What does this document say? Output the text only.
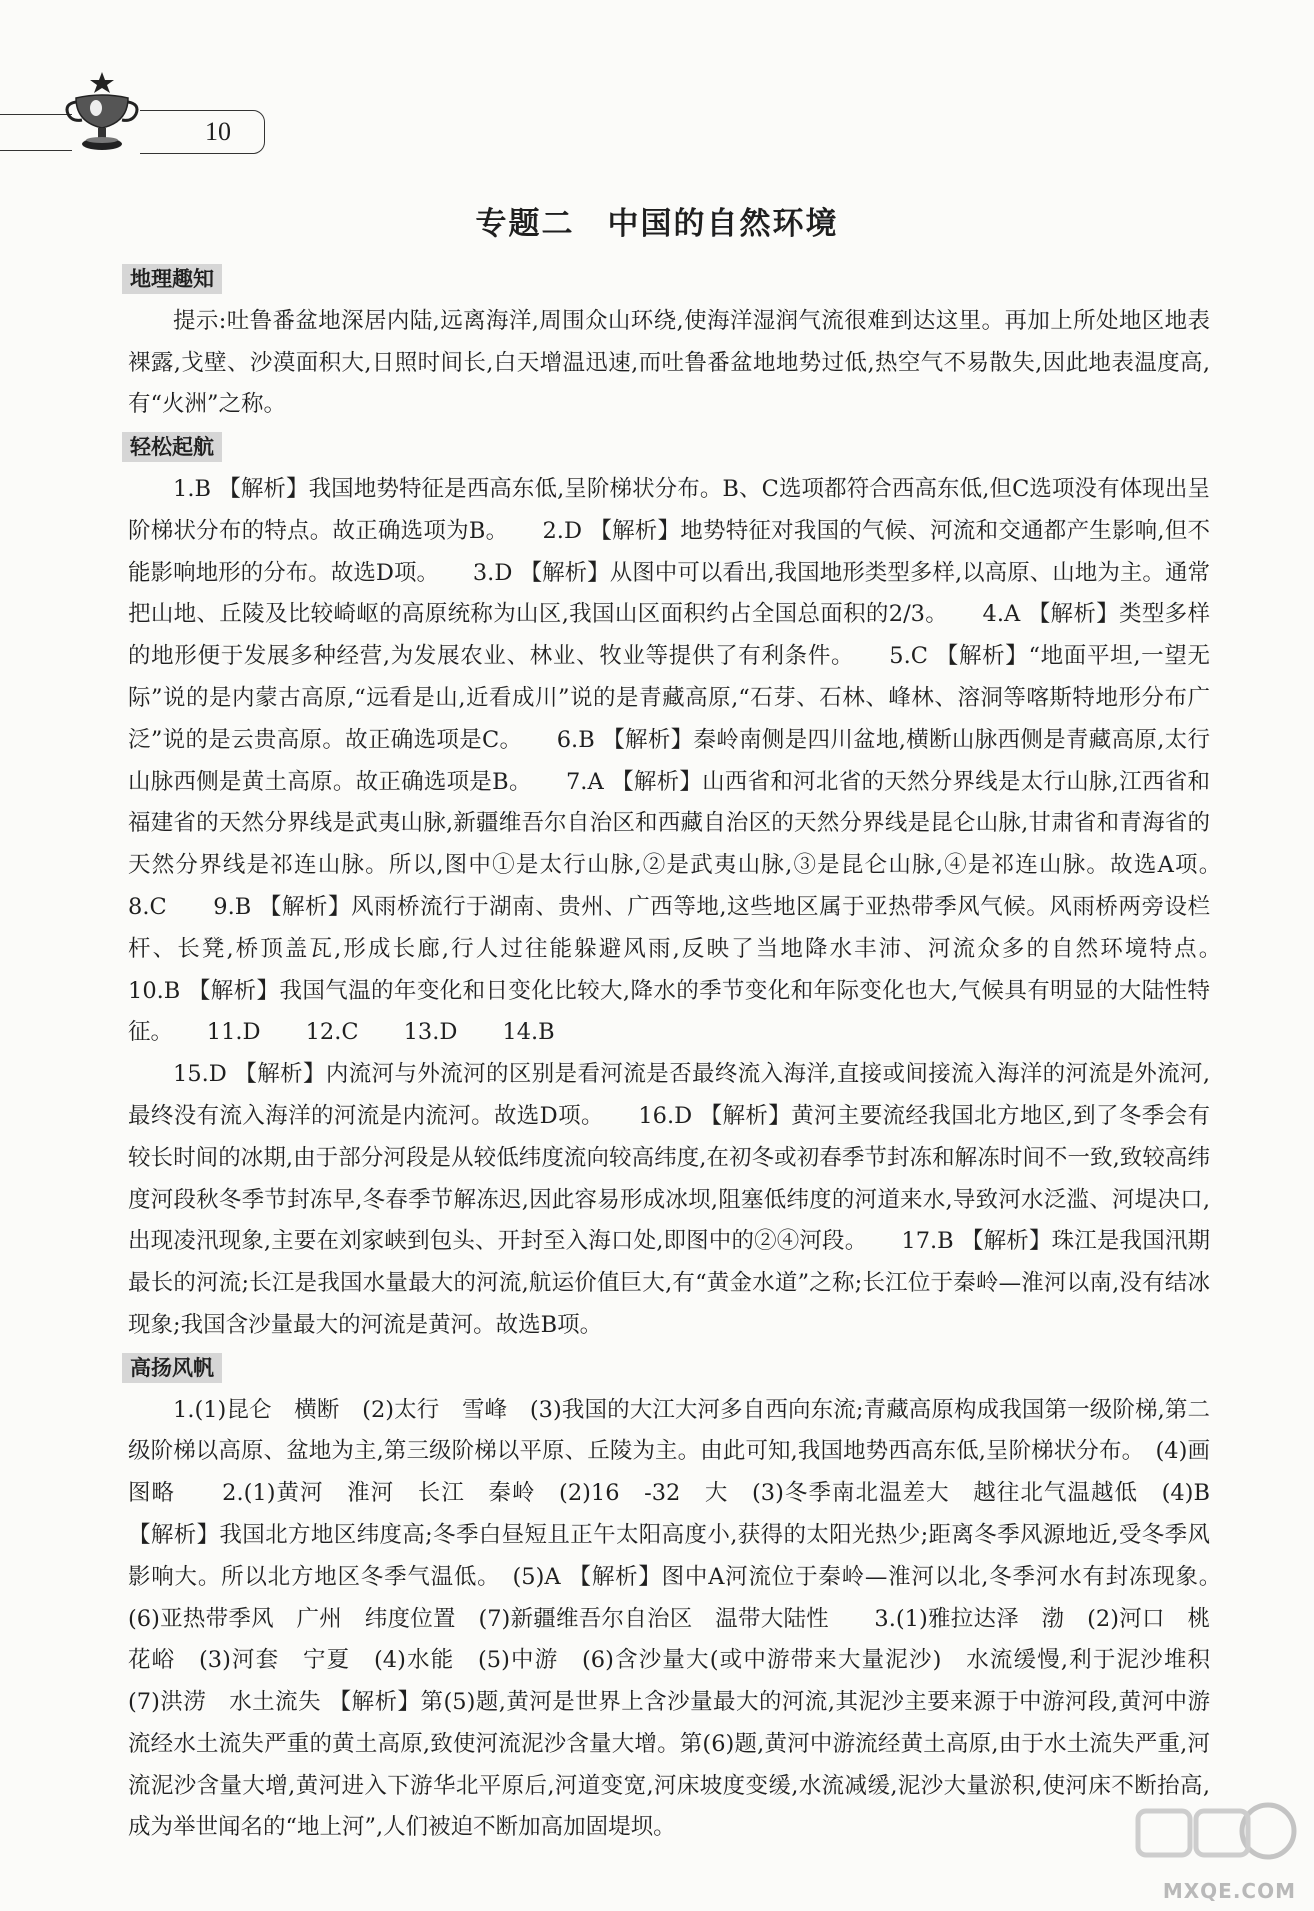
10
专题二　中国的自然环境
地理趣知

提示:吐鲁番盆地深居内陆,远离海洋,周围众山环绕,使海洋湿润气流很难到达这里。再加上所处地区地表裸露,戈壁、沙漠面积大,日照时间长,白天增温迅速,而吐鲁番盆地地势过低,热空气不易散失,因此地表温度高,有“火洲”之称。

轻松起航

1.B 【解析】我国地势特征是西高东低,呈阶梯状分布。B、C选项都符合西高东低,但C选项没有体现出呈阶梯状分布的特点。故正确选项为B。　　2.D 【解析】地势特征对我国的气候、河流和交通都产生影响,但不能影响地形的分布。故选D项。　　3.D 【解析】从图中可以看出,我国地形类型多样,以高原、山地为主。通常把山地、丘陵及比较崎岖的高原统称为山区,我国山区面积约占全国总面积的2/3。　　4.A 【解析】类型多样的地形便于发展多种经营,为发展农业、林业、牧业等提供了有利条件。　　5.C 【解析】“地面平坦,一望无际”说的是内蒙古高原,“远看是山,近看成川”说的是青藏高原,“石芽、石林、峰林、溶洞等喀斯特地形分布广泛”说的是云贵高原。故正确选项是C。　　6.B 【解析】秦岭南侧是四川盆地,横断山脉西侧是青藏高原,太行山脉西侧是黄土高原。故正确选项是B。　　7.A 【解析】山西省和河北省的天然分界线是太行山脉,江西省和福建省的天然分界线是武夷山脉,新疆维吾尔自治区和西藏自治区的天然分界线是昆仑山脉,甘肃省和青海省的天然分界线是祁连山脉。所以,图中①是太行山脉,②是武夷山脉,③是昆仑山脉,④是祁连山脉。故选A项。　　8.C　　9.B 【解析】风雨桥流行于湖南、贵州、广西等地,这些地区属于亚热带季风气候。风雨桥两旁设栏杆、长凳,桥顶盖瓦,形成长廊,行人过往能躲避风雨,反映了当地降水丰沛、河流众多的自然环境特点。　　10.B 【解析】我国气温的年变化和日变化比较大,降水的季节变化和年际变化也大,气候具有明显的大陆性特征。　　11.D　　12.C　　13.D　　14.B

15.D 【解析】内流河与外流河的区别是看河流是否最终流入海洋,直接或间接流入海洋的河流是外流河,最终没有流入海洋的河流是内流河。故选D项。　　16.D 【解析】黄河主要流经我国北方地区,到了冬季会有较长时间的冰期,由于部分河段是从较低纬度流向较高纬度,在初冬或初春季节封冻和解冻时间不一致,致较高纬度河段秋冬季节封冻早,冬春季节解冻迟,因此容易形成冰坝,阻塞低纬度的河道来水,导致河水泛滥、河堤决口,出现凌汛现象,主要在刘家峡到包头、开封至入海口处,即图中的②④河段。　　17.B 【解析】珠江是我国汛期最长的河流;长江是我国水量最大的河流,航运价值巨大,有“黄金水道”之称;长江位于秦岭—淮河以南,没有结冰现象;我国含沙量最大的河流是黄河。故选B项。

高扬风帆

1.(1)昆仑　横断　(2)太行　雪峰　(3)我国的大江大河多自西向东流;青藏高原构成我国第一级阶梯,第二级阶梯以高原、盆地为主,第三级阶梯以平原、丘陵为主。由此可知,我国地势西高东低,呈阶梯状分布。　(4)画图略　　2.(1)黄河　淮河　长江　秦岭　(2)16　-32　大　(3)冬季南北温差大　越往北气温越低　(4)B 【解析】我国北方地区纬度高;冬季白昼短且正午太阳高度小,获得的太阳光热少;距离冬季风源地近,受冬季风影响大。所以北方地区冬季气温低。　(5)A 【解析】图中A河流位于秦岭—淮河以北,冬季河水有封冻现象。　(6)亚热带季风　广州　纬度位置　(7)新疆维吾尔自治区　温带大陆性　　3.(1)雅拉达泽　渤　(2)河口　桃花峪　(3)河套　宁夏　(4)水能　(5)中游　(6)含沙量大(或中游带来大量泥沙)　水流缓慢,利于泥沙堆积　(7)洪涝　水土流失 【解析】第(5)题,黄河是世界上含沙量最大的河流,其泥沙主要来源于中游河段,黄河中游流经水土流失严重的黄土高原,致使河流泥沙含量大增。第(6)题,黄河中游流经黄土高原,由于水土流失严重,河流泥沙含量大增,黄河进入下游华北平原后,河道变宽,河床坡度变缓,水流减缓,泥沙大量淤积,使河床不断抬高,成为举世闻名的“地上河”,人们被迫不断加高加固堤坝。

MXQE.COM
